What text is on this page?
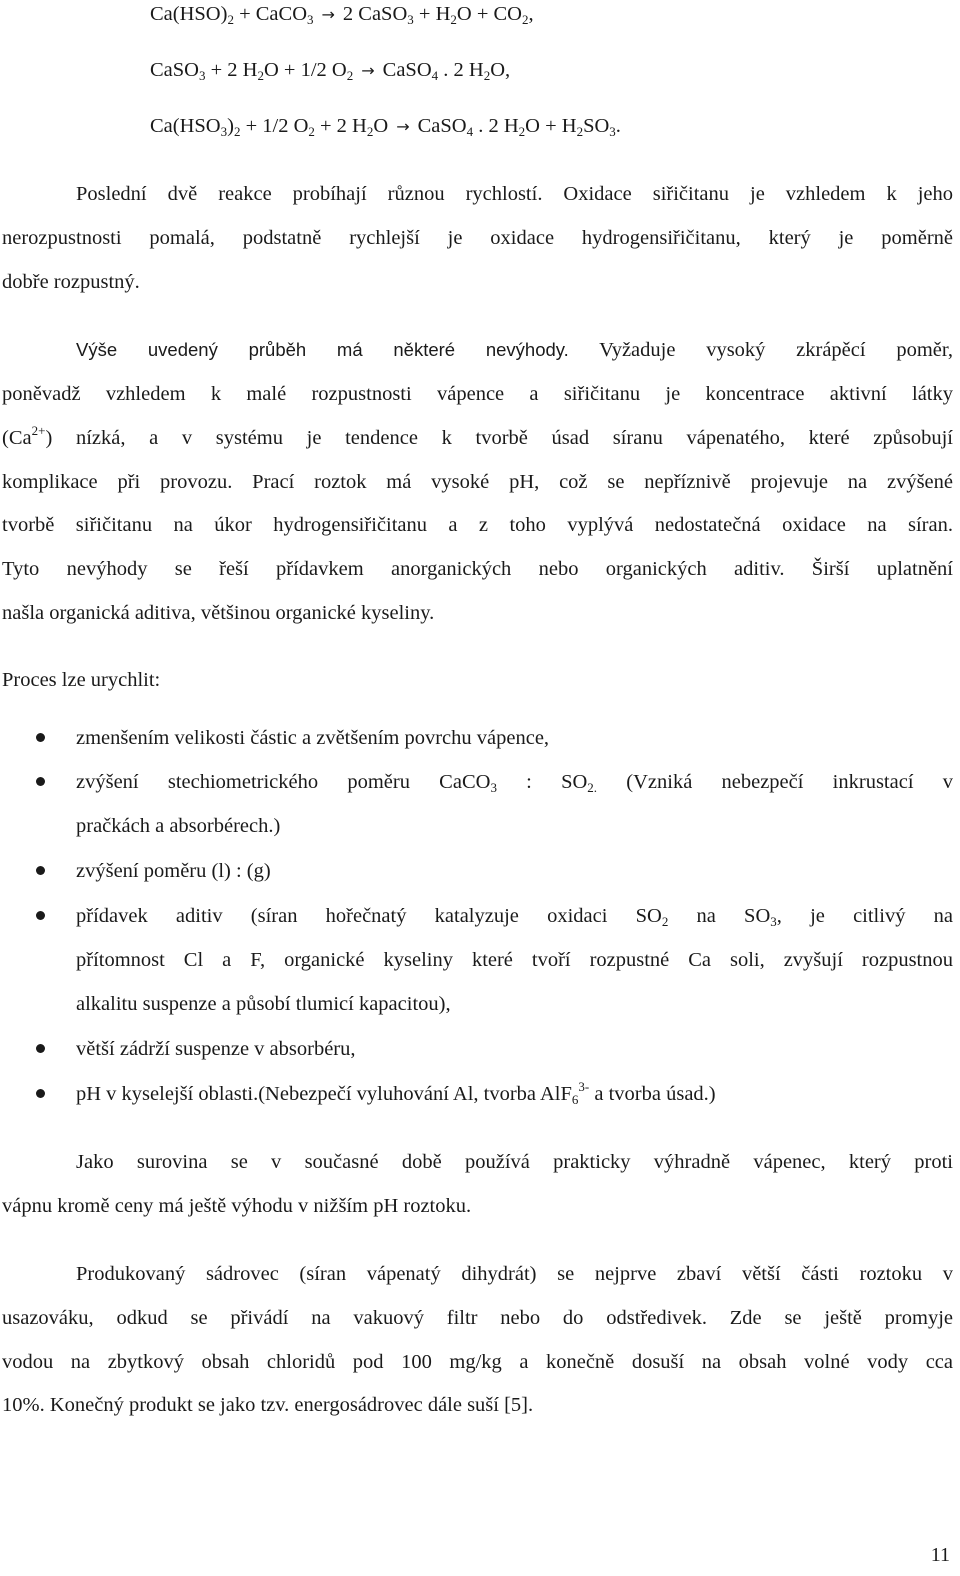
$Ca(HSO)_2$ + CaCO$_3$ → 2 CaSO$_3$ + $H_2O + CO_2$,
CaSO$_3$ + 2 $H_2O + 1/2$ $O_2$ → CaSO$_4$ . 2 $H_2O$,
$Ca(HSO_3)_2 + 1/2$ $O_2 + 2$ $H_2O$ → CaSO$_4$ . 2 $H_2O + H_2SO_3$.
Poslední dvě reakce probíhají různou rychlostí. Oxidace siřičitanu je vzhledem k jeho
nerozpustnosti pomalá, podstatně rychlejší je oxidace hydrogensiřičitanu, který je poměrně
dobře rozpustný.
Výše uvedený průběh má některé nevýhody. Vyžaduje vysoký zkrápěcí poměr,
poněvadž vzhledem k malé rozpustnosti vápence a siřičitanu je koncentrace aktivní látky
$(Ca^{2+})$ nízká, a v systému je tendence k tvorbě úsad síranu vápenatého, které způsobují
komplikace při provozu. Prací roztok má vysoké pH, což se nepříznivě projevuje na zvýšené
tvorbě siřičitanu na úkor hydrogensiřičitanu a z toho vyplývá nedostatečná oxidace na síran.
Tyto nevýhody se řeší přídavkem anorganických nebo organických aditiv. Širší uplatnění
našla organická aditiva, většinou organické kyseliny.
Proces lze urychlit:
zmenšením velikosti částic a zvětšením povrchu vápence,
zvýšení stechiometrického poměru CaCO$_3$ : $SO_{2.}$ (Vzniká nebezpečí inkrustací v
pračkách a absorbérech.)
zvýšení poměru (l) : (g)
přídavek aditiv (síran hořečnatý katalyzuje oxidaci $SO_2$ na $SO_3$, je citlivý na
přítomnost Cl a F, organické kyseliny které tvoří rozpustné Ca soli, zvyšují rozpustnou
alkalitu suspenze a působí tlumicí kapacitou),
větší zádrží suspenze v absorbéru,
pH v kyselejší oblasti.(Nebezpečí vyluhování Al, tvorba AlF$_6^{3-}$ a tvorba úsad.)
Jako surovina se v současné době používá prakticky výhradně vápenec, který proti
vápnu kromě ceny má ještě výhodu v nižším pH roztoku.
Produkovaný sádrovec (síran vápenatý dihydrát) se nejprve zbaví větší části roztoku v
usazováku, odkud se přivádí na vakuový filtr nebo do odstředivek. Zde se ještě promyje
vodou na zbytkový obsah chloridů pod 100 mg/kg a konečně dosuší na obsah volné vody cca
10%. Konečný produkt se jako tzv. energosádrovec dále suší [5].
11
